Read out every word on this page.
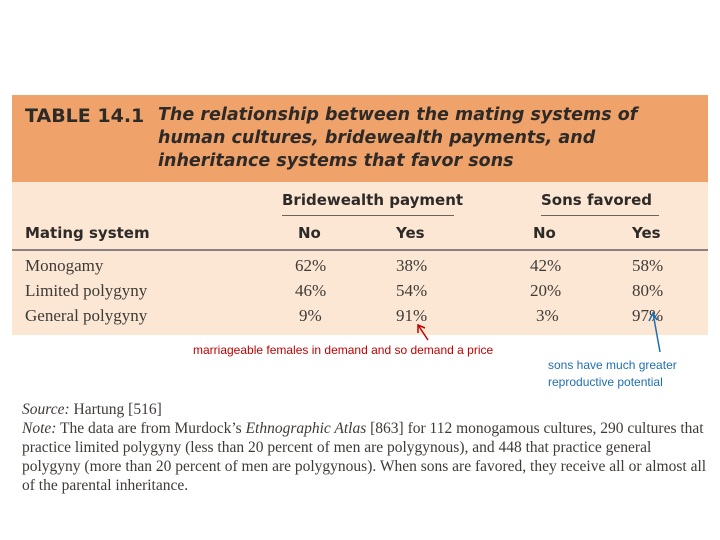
TABLE 14.1 The relationship between the mating systems of human cultures, bridewealth payments, and inheritance systems that favor sons
Bridewealth payment	Sons favored
Mating system	No	Yes	No	Yes
Monogamy	62%	38%	42%	58%
Limited polygyny	46%	54%	20%	80%
General polygyny	9%	91%	3%	97%
marriageable females in demand and so demand a price
sons have much greater
reproductive potential

Source: Hartung [516]

Note: The data are from Murdock’s Ethnographic Atlas [863] for 112 monogamous cultures, 290 cultures that practice limited polygyny (less than 20 percent of men are polygynous), and 448 that practice general polygyny (more than 20 percent of men are polygynous). When sons are favored, they receive all or almost all of the parental inheritance.
